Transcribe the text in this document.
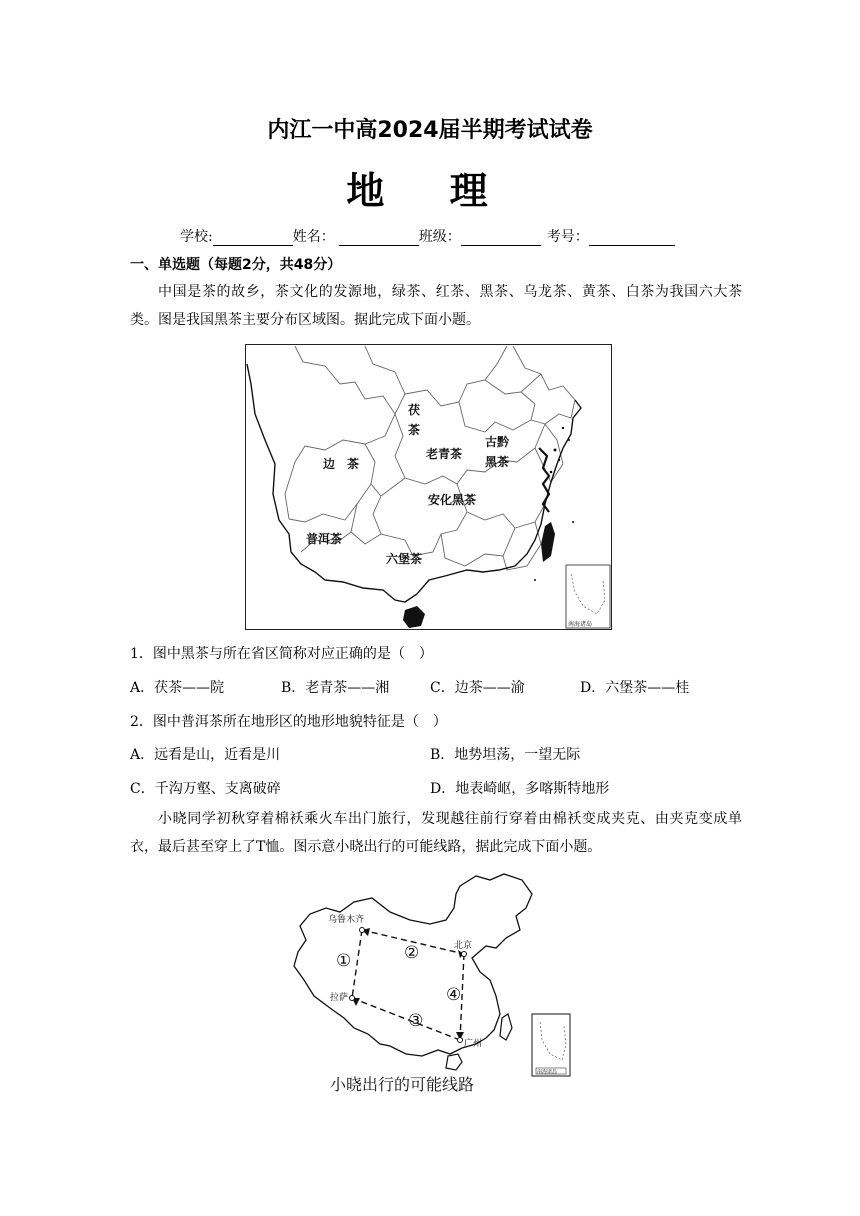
内江一中高2024届半期考试试卷
地 理
学校:	姓名：	班级：	考号：
一、单选题（每题2分，共48分）
中国是茶的故乡，茶文化的发源地，绿茶、红茶、黑茶、乌龙茶、黄茶、白茶为我国六大茶类。图是我国黑茶主要分布区域图。据此完成下面小题。
茯
茶
边　茶
老青茶
古黔
黑茶
安化黑茶
普洱茶
六堡茶
南海诸岛
1．图中黑茶与所在省区简称对应正确的是（　）
A．茯茶——院	B．老青茶——湘	C．边茶——渝	D．六堡茶——桂
2．图中普洱茶所在地形区的地形地貌特征是（　）
A．远看是山，近看是川	B．地势坦荡，一望无际
C．千沟万壑、支离破碎	D．地表崎岖，多喀斯特地形
小晓同学初秋穿着棉袄乘火车出门旅行，发现越往前行穿着由棉袄变成夹克、由夹克变成单衣，最后甚至穿上了T恤。图示意小晓出行的可能线路，据此完成下面小题。
乌鲁木齐
北京
拉萨
广州
①	②
③
④
南海诸岛
小晓出行的可能线路
